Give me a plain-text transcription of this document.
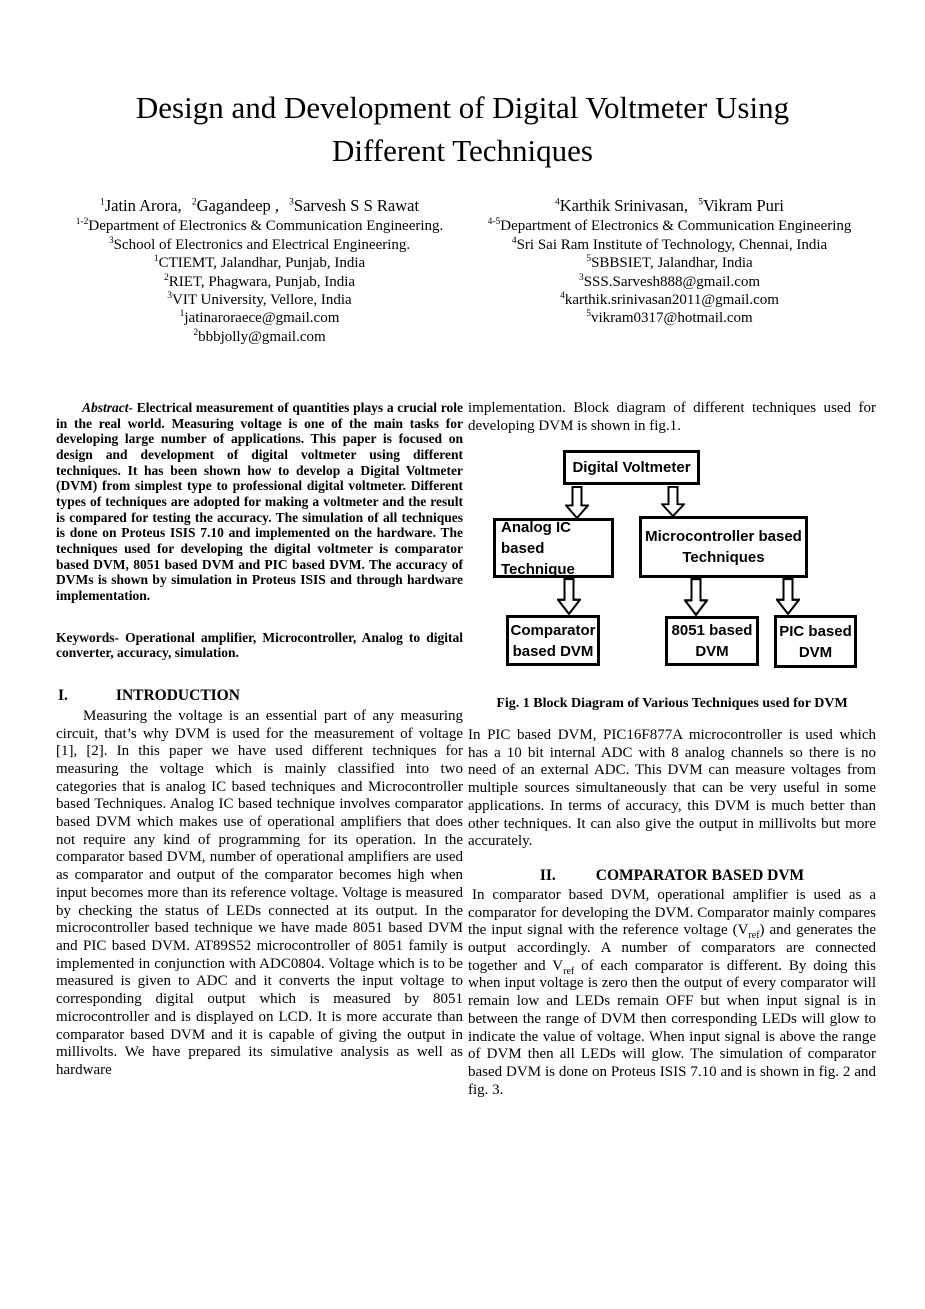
Design and Development of Digital Voltmeter Using
Different Techniques
$^1$Jatin Arora, $^2$Gagandeep , $^3$Sarvesh S S Rawat
$^{1-2}$Department of Electronics & Communication Engineering.
$^3$School of Electronics and Electrical Engineering.
$^1$CTIEMT, Jalandhar, Punjab, India
$^2$RIET, Phagwara, Punjab, India
$^3$VIT University, Vellore, India
$^1$jatinaroraece@gmail.com
$^2$bbbjolly@gmail.com
$^4$Karthik Srinivasan, $^5$Vikram Puri
$^{4-5}$Department of Electronics & Communication Engineering
$^4$Sri Sai Ram Institute of Technology, Chennai, India
$^5$SBBSIET, Jalandhar, India
$^3$SSS.Sarvesh888@gmail.com
$^4$karthik.srinivasan2011@gmail.com
$^5$vikram0317@hotmail.com

Abstract- Electrical measurement of quantities plays a crucial role in the real world. Measuring voltage is one of the main tasks for developing large number of applications. This paper is focused on design and development of digital voltmeter using different techniques. It has been shown how to develop a Digital Voltmeter (DVM) from simplest type to professional digital voltmeter. Different types of techniques are adopted for making a voltmeter and the result is compared for testing the accuracy. The simulation of all techniques is done on Proteus ISIS 7.10 and implemented on the hardware. The techniques used for developing the digital voltmeter is comparator based DVM, 8051 based DVM and PIC based DVM. The accuracy of DVMs is shown by simulation in Proteus ISIS and through hardware implementation.

Keywords- Operational amplifier, Microcontroller, Analog to digital converter, accuracy, simulation.

I.	INTRODUCTION

Measuring the voltage is an essential part of any measuring circuit, that’s why DVM is used for the measurement of voltage [1], [2]. In this paper we have used different techniques for measuring the voltage which is mainly classified into two categories that is analog IC based techniques and Microcontroller based Techniques. Analog IC based technique involves comparator based DVM which makes use of operational amplifiers that does not require any kind of programming for its operation. In the comparator based DVM, number of operational amplifiers are used as comparator and output of the comparator becomes high when input becomes more than its reference voltage. Voltage is measured by checking the status of LEDs connected at its output. In the microcontroller based technique we have made 8051 based DVM and PIC based DVM. AT89S52 microcontroller of 8051 family is implemented in conjunction with ADC0804. Voltage which is to be measured is given to ADC and it converts the input voltage to corresponding digital output which is measured by 8051 microcontroller and is displayed on LCD. It is more accurate than comparator based DVM and it is capable of giving the output in millivolts. We have prepared its simulative analysis as well as hardware

implementation. Block diagram of different techniques used for developing DVM is shown in fig.1.

Digital Voltmeter
Analog IC based
Technique
Microcontroller based
Techniques
Comparator
based DVM
8051 based
DVM
PIC based
DVM
Fig. 1 Block Diagram of Various Techniques used for DVM

In PIC based DVM, PIC16F877A microcontroller is used which has a 10 bit internal ADC with 8 analog channels so there is no need of an external ADC. This DVM can measure voltages from multiple sources simultaneously that can be very useful in some applications. In terms of accuracy, this DVM is much better than other techniques. It can also give the output in millivolts but more accurately.

II.	COMPARATOR BASED DVM

In comparator based DVM, operational amplifier is used as a comparator for developing the DVM. Comparator mainly compares the input signal with the reference voltage $(V_{ref})$ and generates the output accordingly. A number of comparators are connected together and $V_{ref}$ of each comparator is different. By doing this when input voltage is zero then the output of every comparator will remain low and LEDs remain OFF but when input signal is in between the range of DVM then corresponding LEDs will glow to indicate the value of voltage. When input signal is above the range of DVM then all LEDs will glow. The simulation of comparator based DVM is done on Proteus ISIS 7.10 and is shown in fig. 2 and fig. 3.
